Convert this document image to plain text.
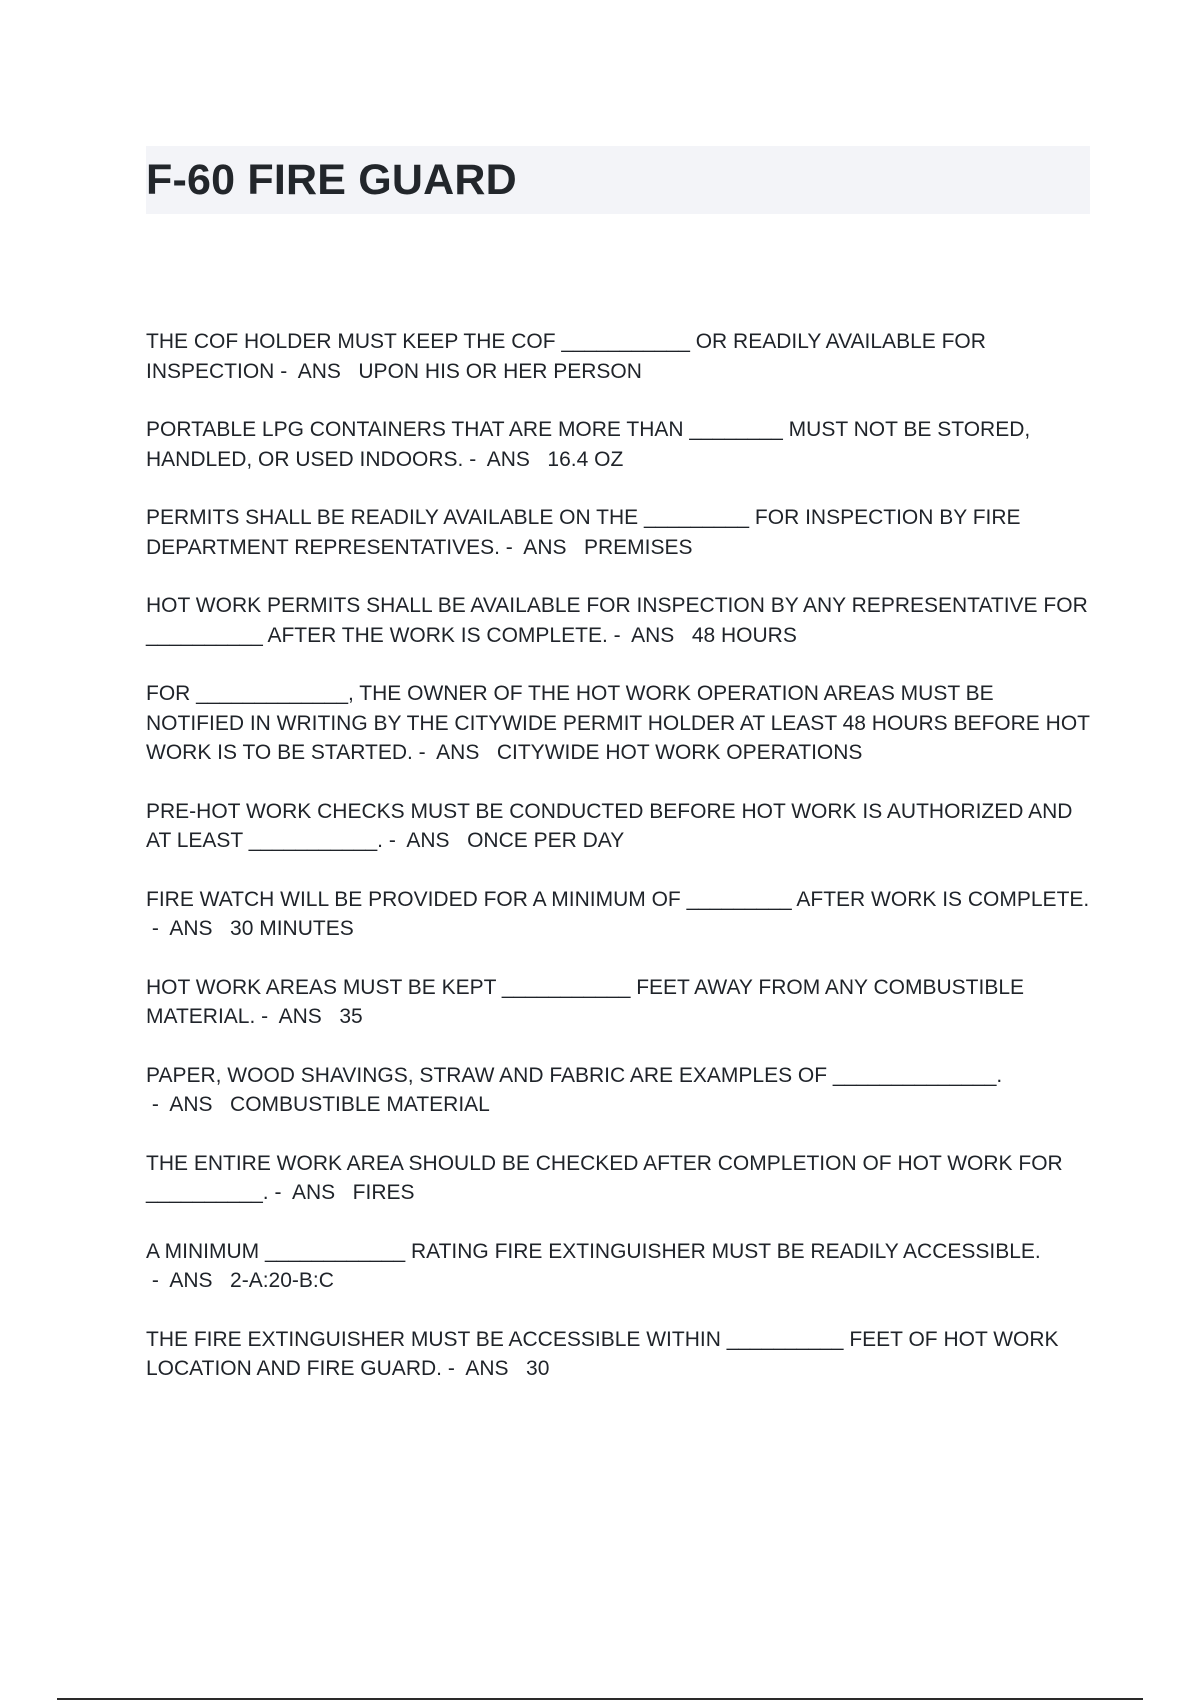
F-60 FIRE GUARD

THE COF HOLDER MUST KEEP THE COF ___________ OR READILY AVAILABLE FOR INSPECTION -  ANS   UPON HIS OR HER PERSON

PORTABLE LPG CONTAINERS THAT ARE MORE THAN ________ MUST NOT BE STORED, HANDLED, OR USED INDOORS. -  ANS   16.4 OZ

PERMITS SHALL BE READILY AVAILABLE ON THE _________ FOR INSPECTION BY FIRE DEPARTMENT REPRESENTATIVES. -  ANS   PREMISES

HOT WORK PERMITS SHALL BE AVAILABLE FOR INSPECTION BY ANY REPRESENTATIVE FOR __________ AFTER THE WORK IS COMPLETE. -  ANS   48 HOURS

FOR _____________, THE OWNER OF THE HOT WORK OPERATION AREAS MUST BE NOTIFIED IN WRITING BY THE CITYWIDE PERMIT HOLDER AT LEAST 48 HOURS BEFORE HOT WORK IS TO BE STARTED. -  ANS   CITYWIDE HOT WORK OPERATIONS

PRE-HOT WORK CHECKS MUST BE CONDUCTED BEFORE HOT WORK IS AUTHORIZED AND AT LEAST ___________. -  ANS   ONCE PER DAY

FIRE WATCH WILL BE PROVIDED FOR A MINIMUM OF _________ AFTER WORK IS COMPLETE. -  ANS   30 MINUTES

HOT WORK AREAS MUST BE KEPT ___________ FEET AWAY FROM ANY COMBUSTIBLE MATERIAL. -  ANS   35

PAPER, WOOD SHAVINGS, STRAW AND FABRIC ARE EXAMPLES OF ______________. -  ANS   COMBUSTIBLE MATERIAL

THE ENTIRE WORK AREA SHOULD BE CHECKED AFTER COMPLETION OF HOT WORK FOR __________. -  ANS   FIRES

A MINIMUM ____________ RATING FIRE EXTINGUISHER MUST BE READILY ACCESSIBLE. -  ANS   2-A:20-B:C

THE FIRE EXTINGUISHER MUST BE ACCESSIBLE WITHIN __________ FEET OF HOT WORK LOCATION AND FIRE GUARD. -  ANS   30
